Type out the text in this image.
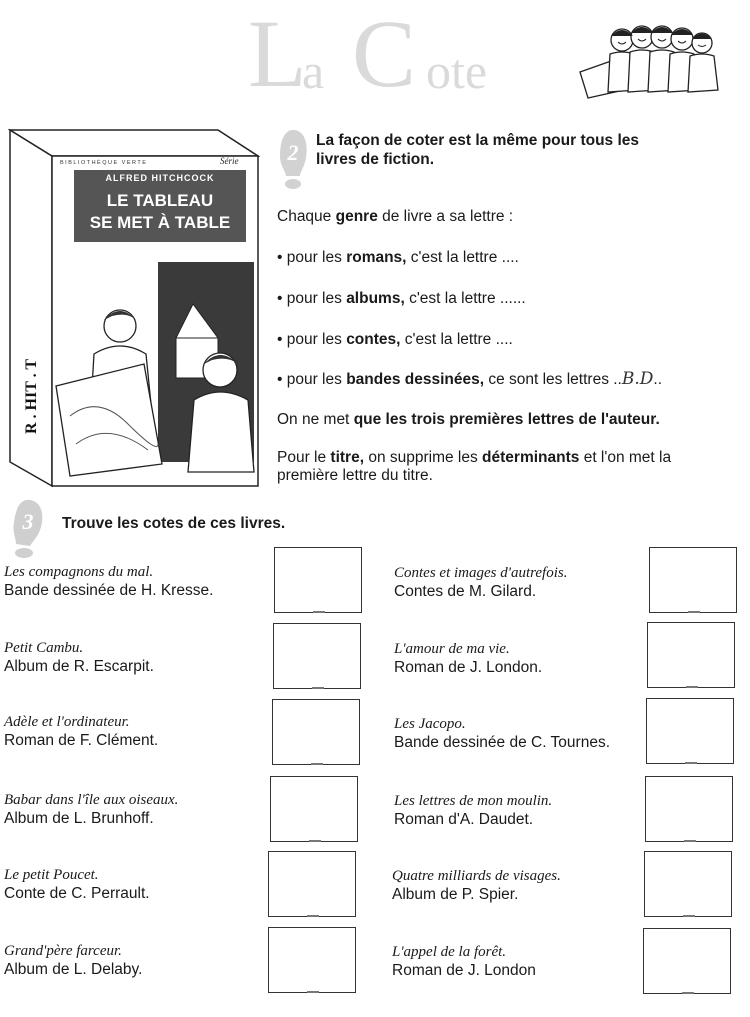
L
a C ote
BIBLIOTHÈQUE VERTE	Série
ALFRED HITCHCOCK
LE TABLEAU
SE MET À TABLE
R . HIT . T
2 La façon de coter est la même pour tous les livres de fiction.
Chaque genre de livre a sa lettre :
• pour les romans, c'est la lettre ....
• pour les albums, c'est la lettre ......
• pour les contes, c'est la lettre ....
• pour les bandes dessinées, ce sont les lettres ..B.D..
On ne met que les trois premières lettres de l'auteur.
Pour le titre, on supprime les déterminants et l'on met la première lettre du titre.
3 Trouve les cotes de ces livres.
Les compagnons du mal.
Bande dessinée de H. Kresse.
Petit Cambu.
Album de R. Escarpit.
Adèle et l'ordinateur.
Roman de F. Clément.
Babar dans l'île aux oiseaux.
Album de L. Brunhoff.
Le petit Poucet.
Conte de C. Perrault.
Grand'père farceur.
Album de L. Delaby.
Contes et images d'autrefois.
Contes de M. Gilard.
L'amour de ma vie.
Roman de J. London.
Les Jacopo.
Bande dessinée de C. Tournes.
Les lettres de mon moulin.
Roman d'A. Daudet.
Quatre milliards de visages.
Album de P. Spier.
L'appel de la forêt.
Roman de J. London
